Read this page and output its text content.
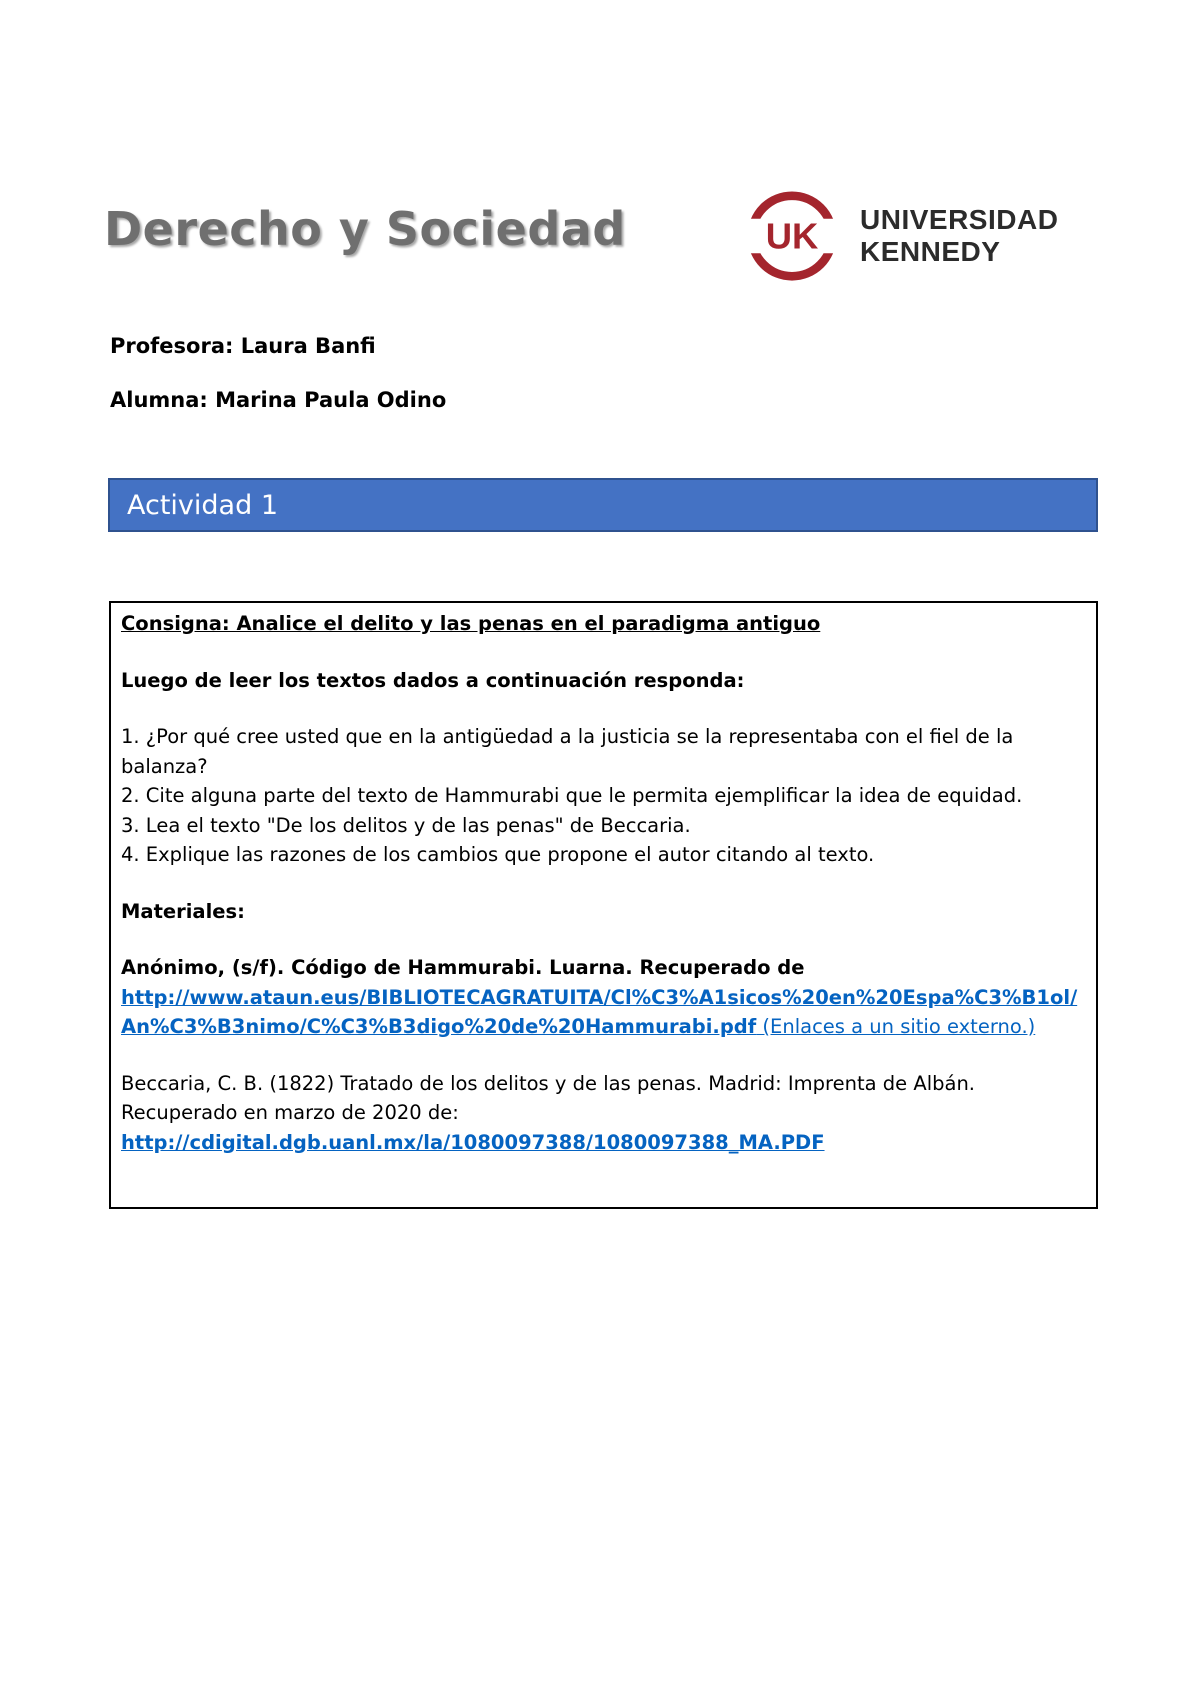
Derecho y Sociedad	UK UNIVERSIDAD
KENNEDY

Profesora: Laura Banfi

Alumna: Marina Paula Odino

Actividad 1

Consigna: Analice el delito y las penas en el paradigma antiguo

Luego de leer los textos dados a continuación responda:

1. ¿Por qué cree usted que en la antigüedad a la justicia se la representaba con el fiel de la balanza?

2. Cite alguna parte del texto de Hammurabi que le permita ejemplificar la idea de equidad.

3. Lea el texto "De los delitos y de las penas" de Beccaria.

4. Explique las razones de los cambios que propone el autor citando al texto.

Materiales:

Anónimo, (s/f). Código de Hammurabi. Luarna. Recuperado de
http://www.ataun.eus/BIBLIOTECAGRATUITA/Cl%C3%A1sicos%20en%20Espa%C3%B1ol/An%C3%B3nimo/C%C3%B3digo%20de%20Hammurabi.pdf (Enlaces a un sitio externo.)

Beccaria, C. B. (1822) Tratado de los delitos y de las penas. Madrid: Imprenta de Albán.
Recuperado en marzo de 2020 de:
http://cdigital.dgb.uanl.mx/la/1080097388/1080097388_MA.PDF
